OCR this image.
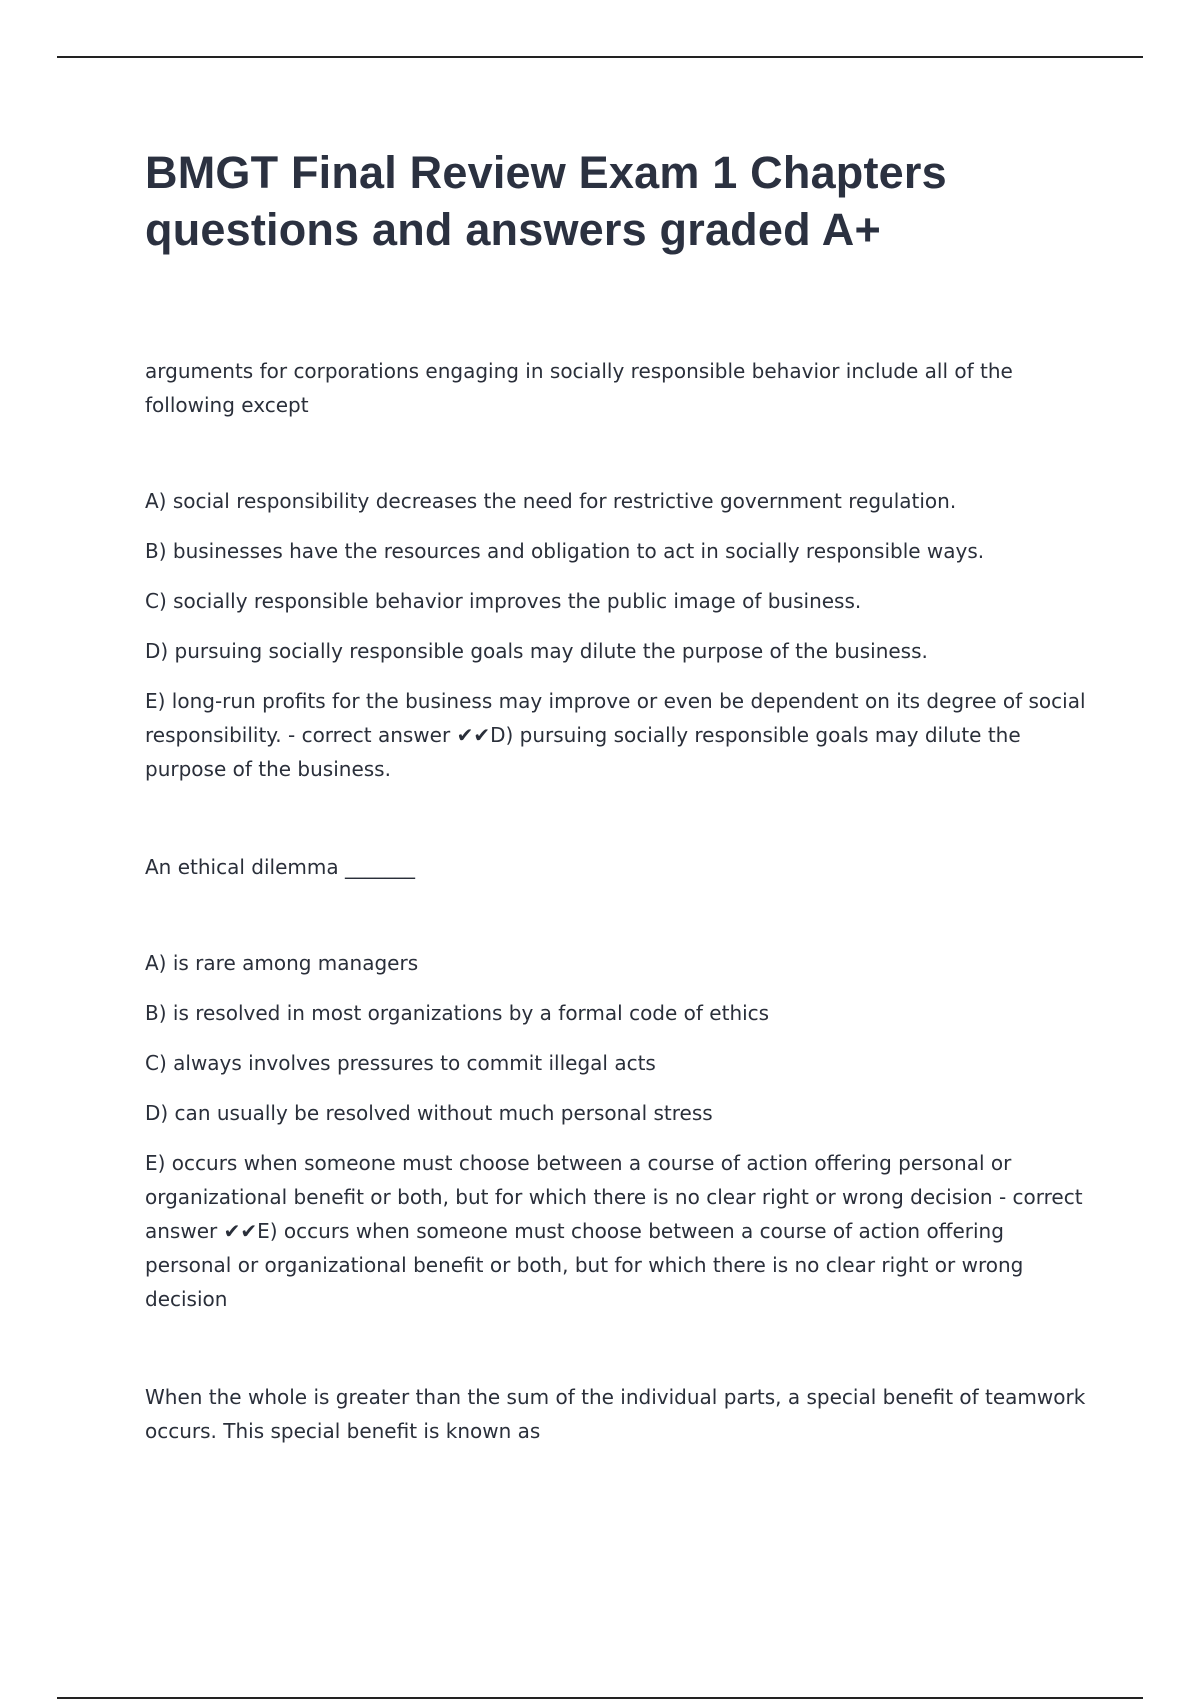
BMGT Final Review Exam 1 Chapters questions and answers graded A+

arguments for corporations engaging in socially responsible behavior include all of the following except

A) social responsibility decreases the need for restrictive government regulation.

B) businesses have the resources and obligation to act in socially responsible ways.

C) socially responsible behavior improves the public image of business.

D) pursuing socially responsible goals may dilute the purpose of the business.

E) long-run profits for the business may improve or even be dependent on its degree of social responsibility. - correct answer ✔✔D) pursuing socially responsible goals may dilute the purpose of the business.

An ethical dilemma _______

A) is rare among managers

B) is resolved in most organizations by a formal code of ethics

C) always involves pressures to commit illegal acts

D) can usually be resolved without much personal stress

E) occurs when someone must choose between a course of action offering personal or organizational benefit or both, but for which there is no clear right or wrong decision - correct answer ✔✔E) occurs when someone must choose between a course of action offering personal or organizational benefit or both, but for which there is no clear right or wrong decision

When the whole is greater than the sum of the individual parts, a special benefit of teamwork occurs. This special benefit is known as
